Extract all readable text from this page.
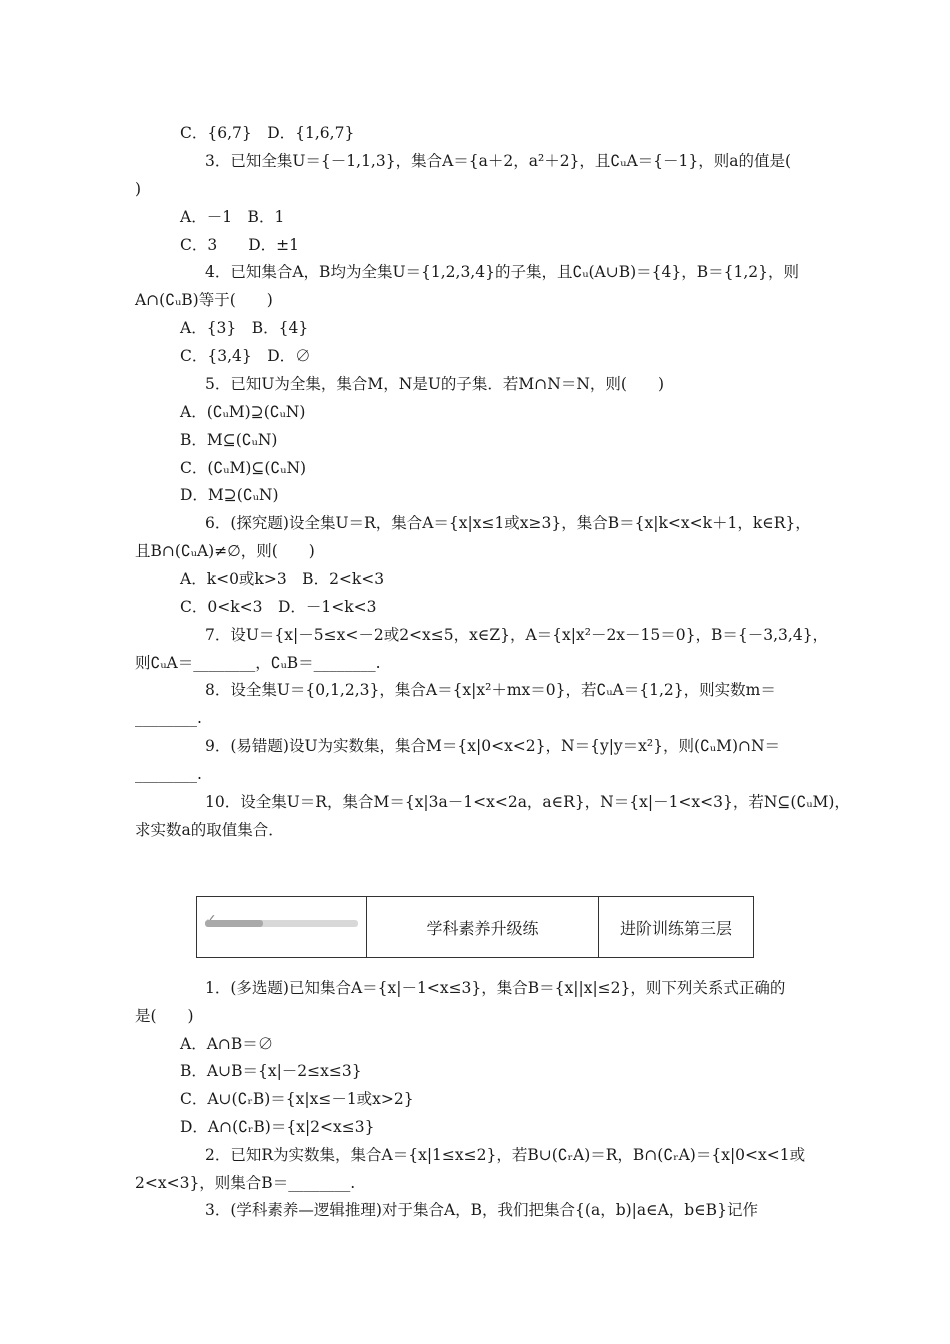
C．{6,7}　D．{1,6,7}
3．已知全集U＝{－1,1,3}，集合A＝{a＋2，a²＋2}，且∁ᵤA＝{－1}，则a的值是(
)
A．－1　B．1
C．3　　D．±1
4．已知集合A，B均为全集U＝{1,2,3,4}的子集，且∁ᵤ(A∪B)＝{4}，B＝{1,2}，则
A∩(∁ᵤB)等于(　　)
A．{3}　B．{4}
C．{3,4}　D．∅
5．已知U为全集，集合M，N是U的子集．若M∩N＝N，则(　　)
A．(∁ᵤM)⊇(∁ᵤN)
B．M⊆(∁ᵤN)
C．(∁ᵤM)⊆(∁ᵤN)
D．M⊇(∁ᵤN)
6．(探究题)设全集U＝R，集合A＝{x|x≤1或x≥3}，集合B＝{x|k<x<k＋1，k∈R}，
且B∩(∁ᵤA)≠∅，则(　　)
A．k<0或k>3　B．2<k<3
C．0<k<3　D．－1<k<3
7．设U＝{x|－5≤x<－2或2<x≤5，x∈Z}，A＝{x|x²－2x－15＝0}，B＝{－3,3,4}，
则∁ᵤA＝________，∁ᵤB＝________.
8．设全集U＝{0,1,2,3}，集合A＝{x|x²＋mx＝0}，若∁ᵤA＝{1,2}，则实数m＝
________.
9．(易错题)设U为实数集，集合M＝{x|0<x<2}，N＝{y|y＝x²}，则(∁ᵤM)∩N＝
________.
10．设全集U＝R，集合M＝{x|3a－1<x<2a，a∈R}，N＝{x|－1<x<3}，若N⊆(∁ᵤM)，
求实数a的取值集合．
学科素养升级练	进阶训练第三层
1．(多选题)已知集合A＝{x|－1<x≤3}，集合B＝{x||x|≤2}，则下列关系式正确的
是(　　)
A．A∩B＝∅
B．A∪B＝{x|－2≤x≤3}
C．A∪(∁ᵣB)＝{x|x≤－1或x>2}
D．A∩(∁ᵣB)＝{x|2<x≤3}
2．已知R为实数集，集合A＝{x|1≤x≤2}，若B∪(∁ᵣA)＝R，B∩(∁ᵣA)＝{x|0<x<1或
2<x<3}，则集合B＝________.
3．(学科素养—逻辑推理)对于集合A，B，我们把集合{(a，b)|a∈A，b∈B}记作
